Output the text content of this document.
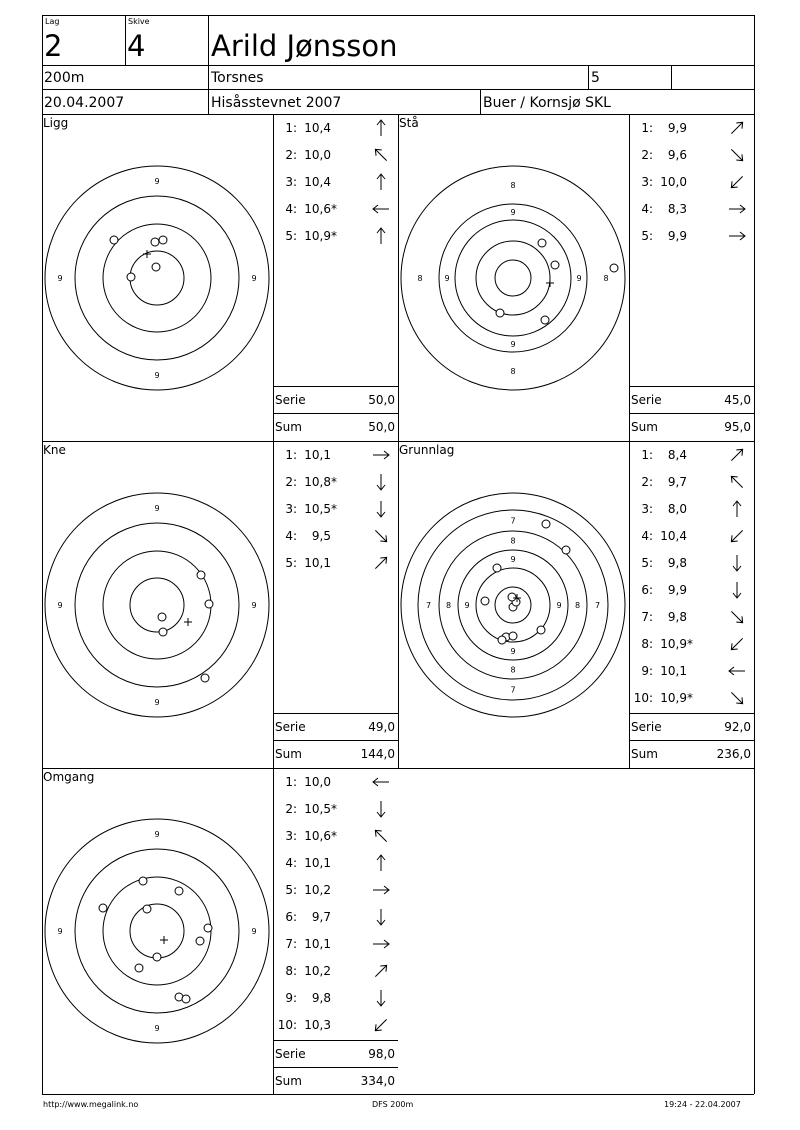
Lag
2
Skive
4 Arild Jønsson
200m	Torsnes	5
20.04.2007	Hisåsstevnet 2007	Buer / Kornsjø SKL
Ligg
9
9
9	9
1: 10,4
2: 10,0
3: 10,4
4: 10,6*
5: 10,9*
Serie	50,0
Sum	50,0
Stå
8
8
8	8
9
9
9	9
1: 9,9
2: 9,6
3: 10,0
4: 8,3
5: 9,9
Serie	45,0
Sum	95,0
Kne
9
9
9	9
1: 10,1
2: 10,8*
3: 10,5*
4: 9,5
5: 10,1
Serie	49,0
Sum	144,0
Grunnlag
7
7
7	7
8
8
8	8
9
9
9	9
1: 8,4
2: 9,7
3: 8,0
4: 10,4
5: 9,8
6: 9,9
7: 9,8
8: 10,9*
9: 10,1
10: 10,9*
Serie	92,0
Sum	236,0
Omgang
9
9
9	9
1: 10,0
2: 10,5*
3: 10,6*
4: 10,1
5: 10,2
6: 9,7
7: 10,1
8: 10,2
9: 9,8
10: 10,3
Serie	98,0
Sum	334,0
http://www.megalink.no	DFS 200m	19:24 - 22.04.2007
